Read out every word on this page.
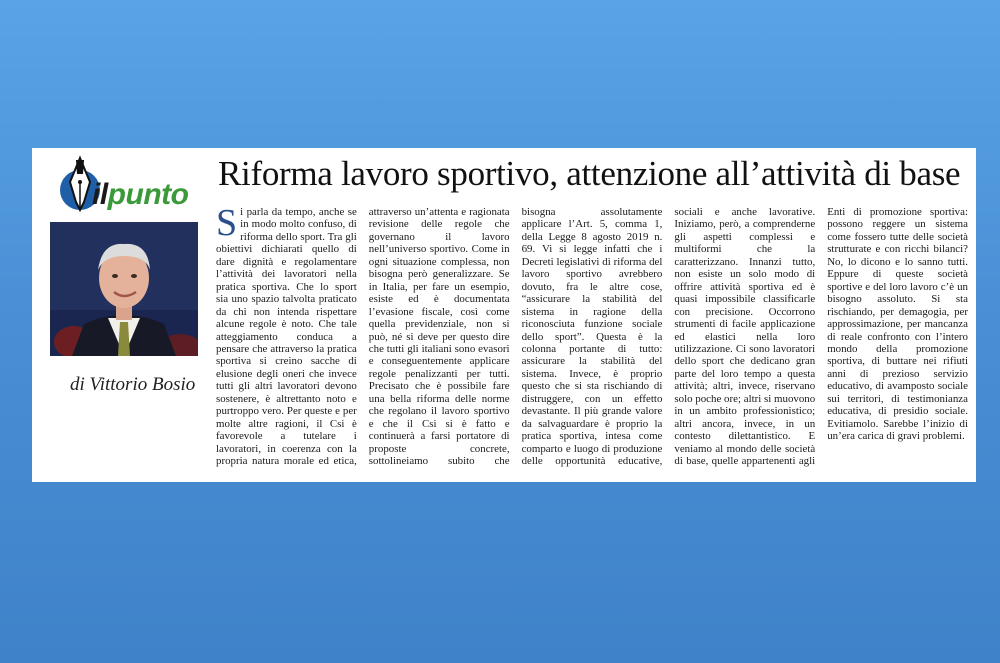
ilpunto
di Vittorio Bosio
Riforma lavoro sportivo, attenzione all’attività di base

Si parla da tempo, anche se in modo molto confuso, di riforma dello sport. Tra gli obiettivi dichiarati quello di dare dignità e regolamentare l’attività dei lavoratori nella pratica sportiva. Che lo sport sia uno spazio talvolta praticato da chi non intenda rispettare alcune regole è noto. Che tale atteggiamento conduca a pensare che attraverso la pratica sportiva si creino sacche di elusione degli oneri che invece tutti gli altri lavoratori devono sostenere, è altrettanto noto e purtroppo vero. Per queste e per molte altre ragioni, il Csi è favorevole a tutelare i lavoratori, in coerenza con la propria natura morale ed etica, attraverso un’attenta e ragionata revisione delle regole che governano il lavoro nell’universo sportivo. Come in ogni situazione complessa, non bisogna però generalizzare. Se in Italia, per fare un esempio, esiste ed è documentata l’evasione fiscale, così come quella previdenziale, non si può, né si deve per questo dire che tutti gli italiani sono evasori e conseguentemente applicare regole penalizzanti per tutti. Precisato che è possibile fare una bella riforma delle norme che regolano il lavoro sportivo e che il Csi si è fatto e continuerà a farsi portatore di proposte concrete, sottolineiamo subito che bisogna assolutamente applicare l’Art. 5, comma 1, della Legge 8 agosto 2019 n. 69. Vi si legge infatti che i Decreti legislativi di riforma del lavoro sportivo avrebbero dovuto, fra le altre cose, “assicurare la stabilità del sistema in ragione della riconosciuta funzione sociale dello sport”. Questa è la colonna portante di tutto: assicurare la stabilità del sistema. Invece, è proprio questo che si sta rischiando di distruggere, con un effetto devastante. Il più grande valore da salvaguardare è proprio la pratica sportiva, intesa come comparto e luogo di produzione delle opportunità educative, sociali e anche lavorative. Iniziamo, però, a comprenderne gli aspetti complessi e multiformi che la caratterizzano. Innanzi tutto, non esiste un solo modo di offrire attività sportiva ed è quasi impossibile classificarle con precisione. Occorrono strumenti di facile applicazione ed elastici nella loro utilizzazione. Ci sono lavoratori dello sport che dedicano gran parte del loro tempo a questa attività; altri, invece, riservano solo poche ore; altri si muovono in un ambito professionistico; altri ancora, invece, in un contesto dilettantistico. E veniamo al mondo delle società di base, quelle appartenenti agli Enti di promozione sportiva: possono reggere un sistema come fossero tutte delle società strutturate e con ricchi bilanci? No, lo dicono e lo sanno tutti. Eppure di queste società sportive e del loro lavoro c’è un bisogno assoluto. Si sta rischiando, per demagogia, per approssimazione, per mancanza di reale confronto con l’intero mondo della promozione sportiva, di buttare nei rifiuti anni di prezioso servizio educativo, di avamposto sociale sui territori, di testimonianza educativa, di presidio sociale. Evitiamolo. Sarebbe l’inizio di un’era carica di gravi problemi.
